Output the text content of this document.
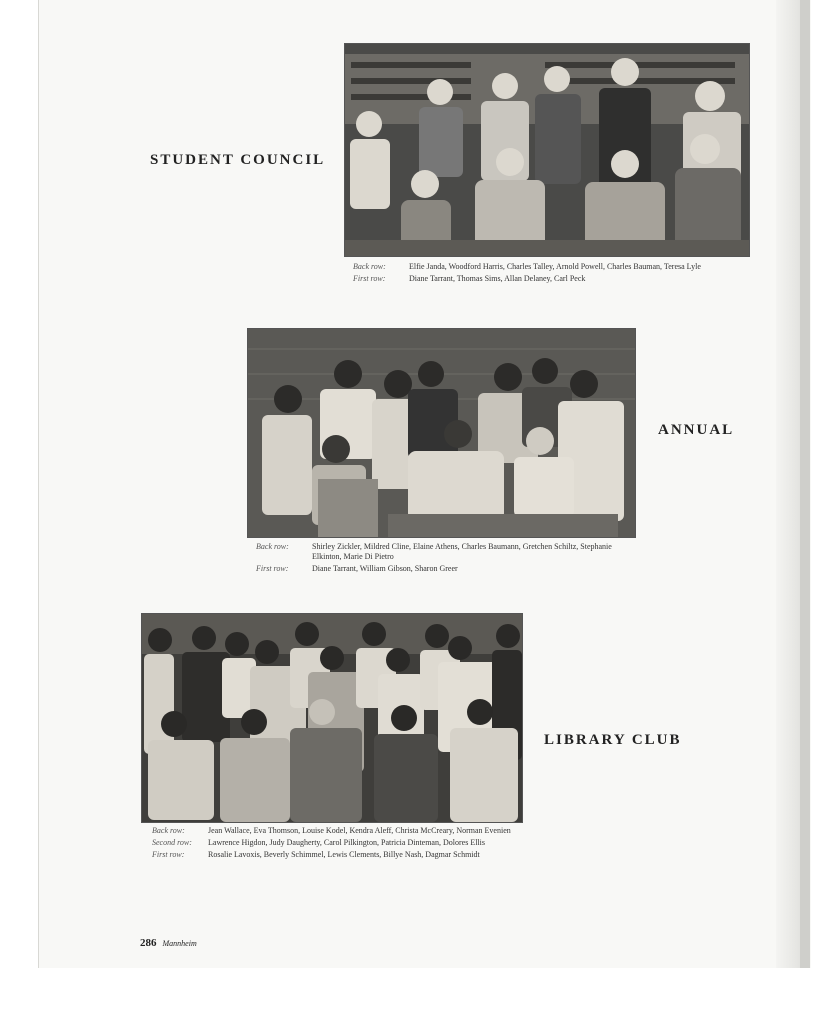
STUDENT COUNCIL
Back row:	Elfie Janda, Woodford Harris, Charles Talley, Arnold Powell, Charles Bauman, Teresa Lyle
First row:	Diane Tarrant, Thomas Sims, Allan Delaney, Carl Peck
ANNUAL
Back row:	Shirley Zickler, Mildred Cline, Elaine Athens, Charles Baumann, Gretchen Schiltz, Stephanie Elkinton, Marie Di Pietro
First row:	Diane Tarrant, William Gibson, Sharon Greer
LIBRARY CLUB
Back row:	Jean Wallace, Eva Thomson, Louise Kodel, Kendra Aleff, Christa McCreary, Norman Evenien
Second row:	Lawrence Higdon, Judy Daugherty, Carol Pilkington, Patricia Dinteman, Dolores Ellis
First row:	Rosalie Lavoxis, Beverly Schimmel, Lewis Clements, Billye Nash, Dagmar Schmidt
286 Mannheim
